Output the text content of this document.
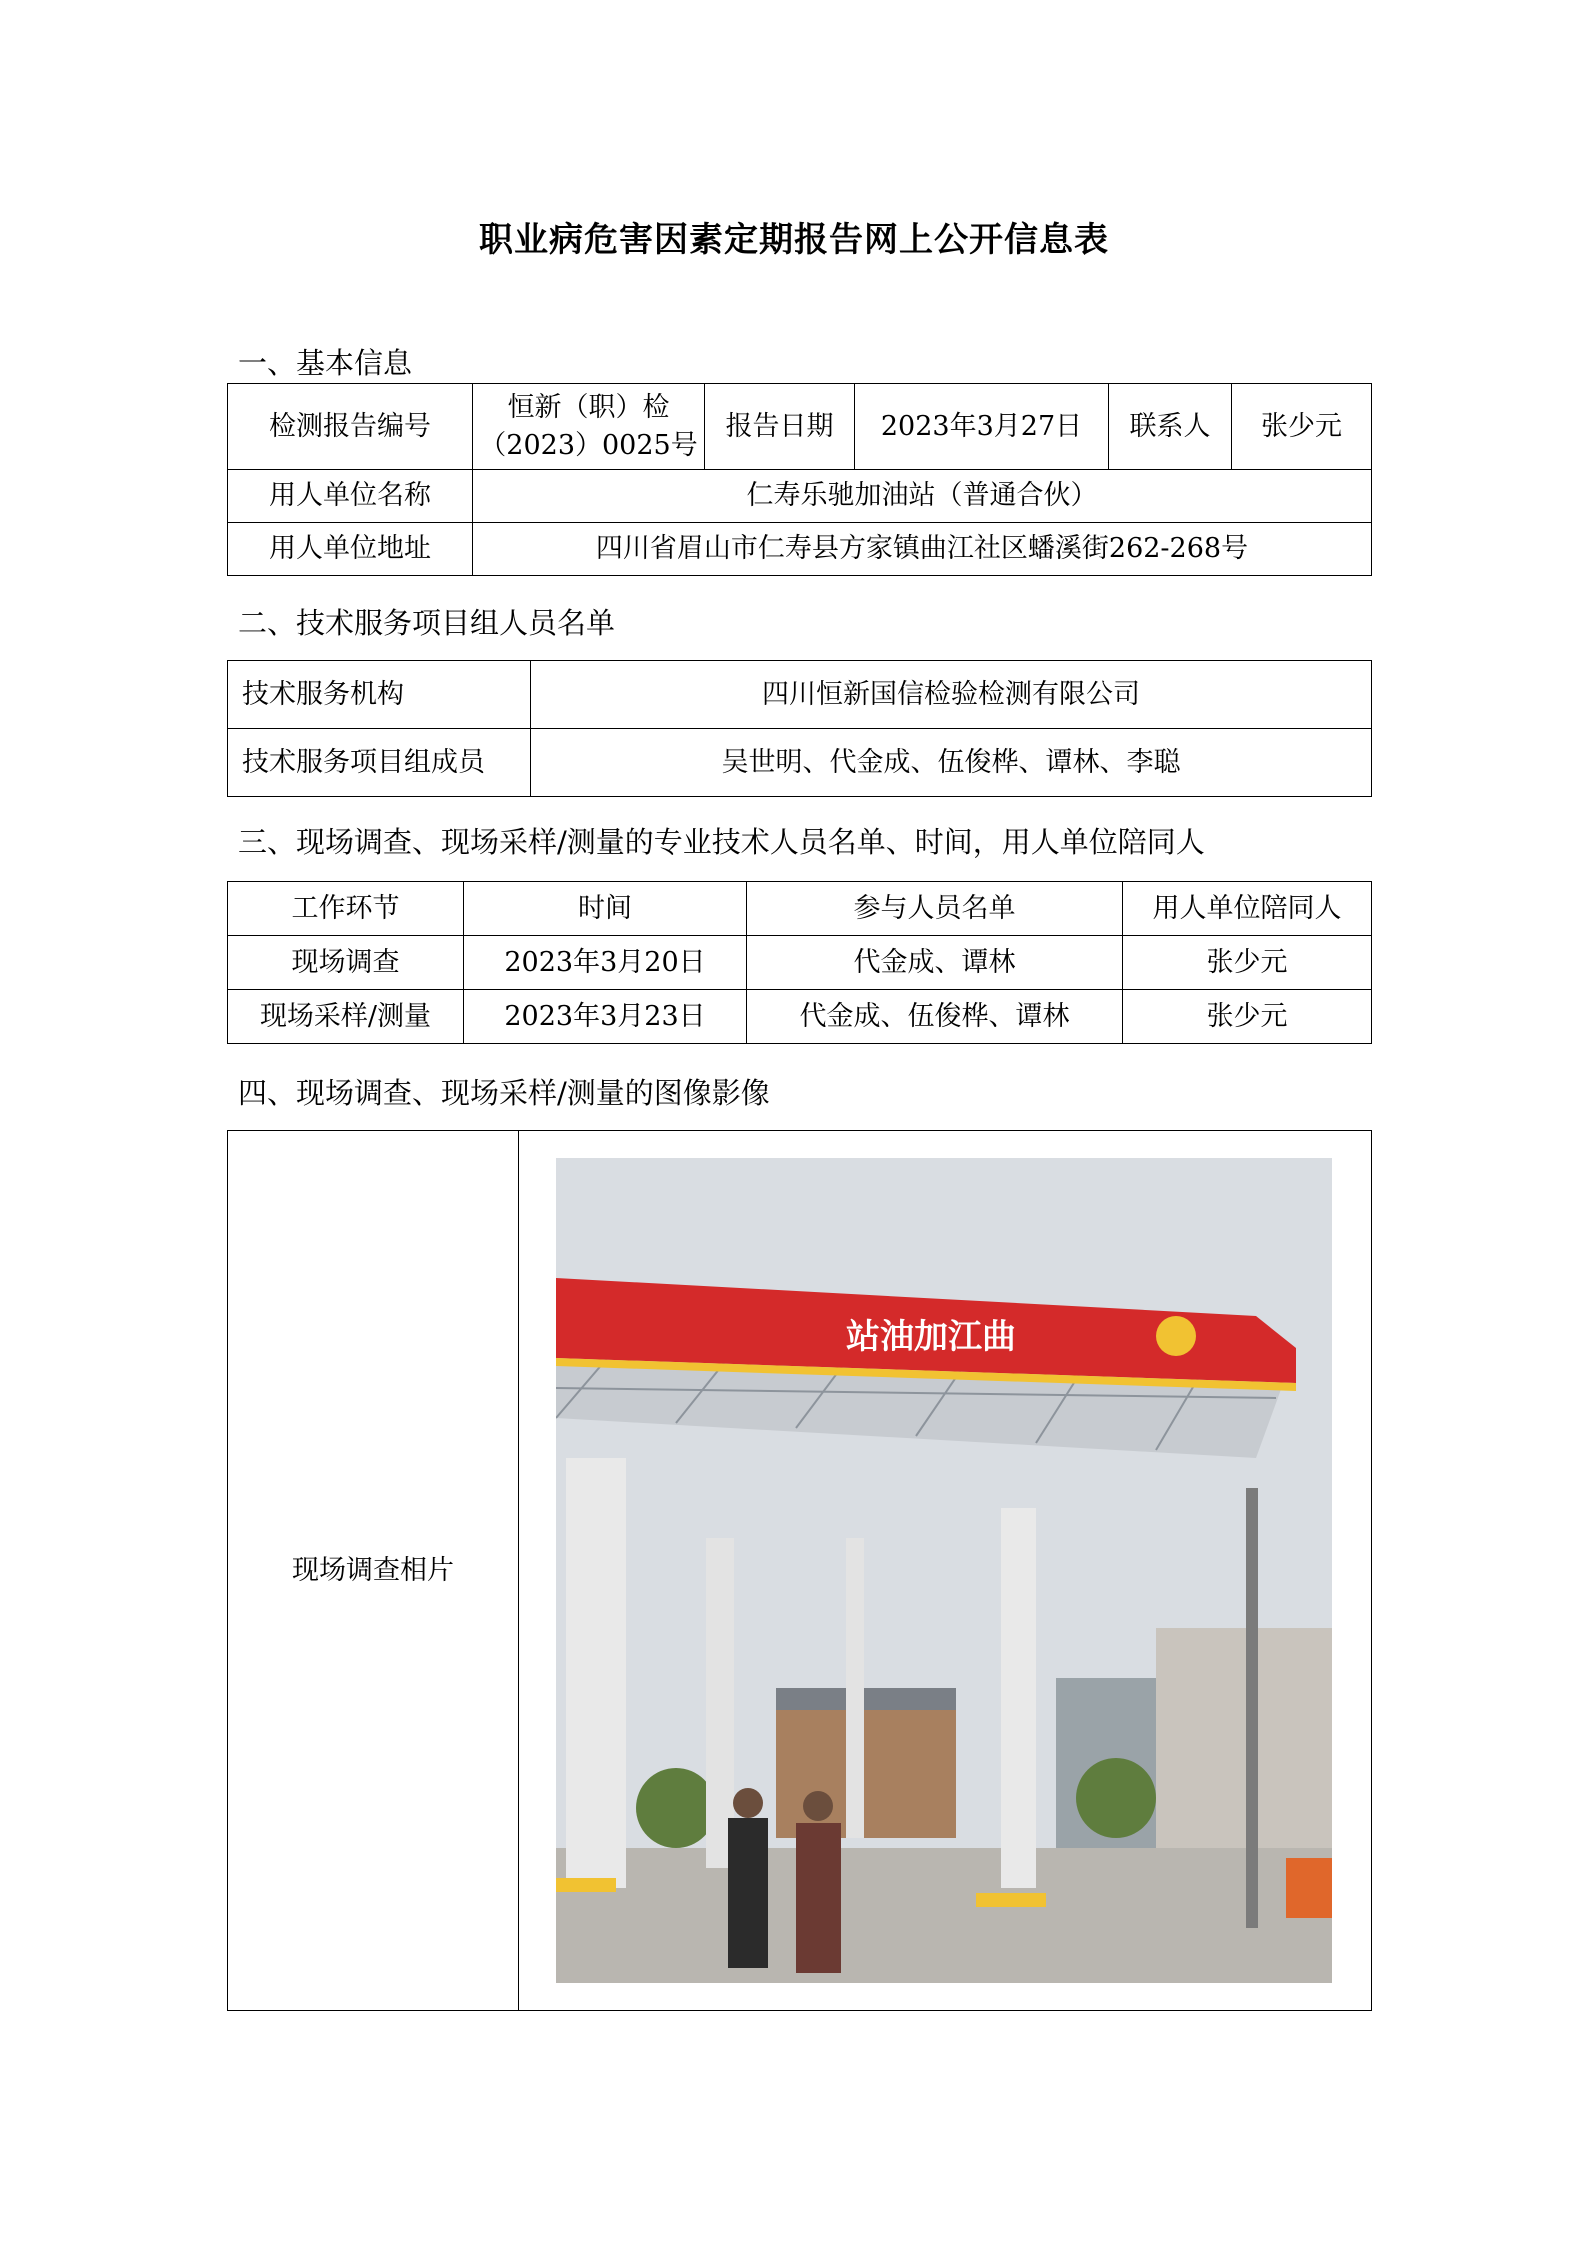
职业病危害因素定期报告网上公开信息表
一、基本信息
检测报告编号	恒新（职）检
（2023）0025号	报告日期	2023年3月27日	联系人	张少元
用人单位名称	仁寿乐驰加油站（普通合伙）				
用人单位地址	四川省眉山市仁寿县方家镇曲江社区蟠溪街262-268号				
二、技术服务项目组人员名单
技术服务机构	四川恒新国信检验检测有限公司
技术服务项目组成员	吴世明、代金成、伍俊桦、谭林、李聪
三、现场调查、现场采样/测量的专业技术人员名单、时间，用人单位陪同人
工作环节	时间	参与人员名单	用人单位陪同人
现场调查	2023年3月20日	代金成、谭林	张少元
现场采样/测量	2023年3月23日	代金成、伍俊桦、谭林	张少元
四、现场调查、现场采样/测量的图像影像
现场调查相片	
站油加江曲
